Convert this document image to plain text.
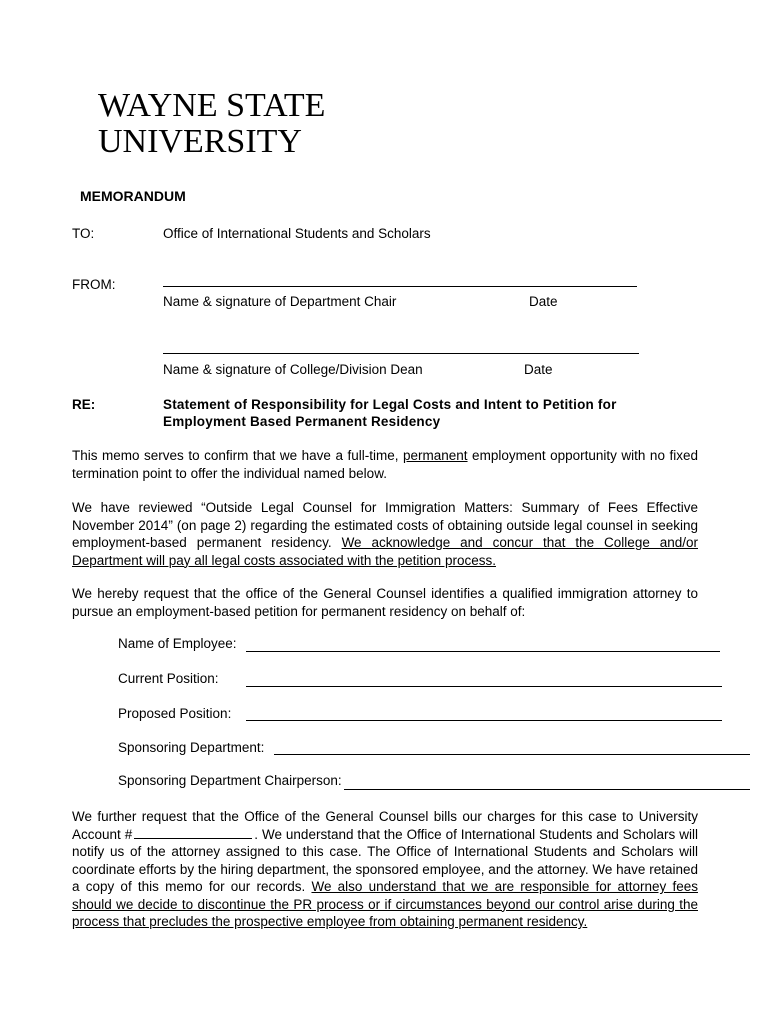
WAYNE STATE
UNIVERSITY
MEMORANDUM
TO:	Office of International Students and Scholars
FROM:
Name & signature of Department Chair	Date
Name & signature of College/Division Dean	Date
RE:	Statement of Responsibility for Legal Costs and Intent to Petition for
Employment Based Permanent Residency
This memo serves to confirm that we have a full-time, permanent employment opportunity with no fixed termination point to offer the individual named below.
We have reviewed “Outside Legal Counsel for Immigration Matters: Summary of Fees Effective November 2014” (on page 2) regarding the estimated costs of obtaining outside legal counsel in seeking employment-based permanent residency. We acknowledge and concur that the College and/or Department will pay all legal costs associated with the petition process.
We hereby request that the office of the General Counsel identifies a qualified immigration attorney to pursue an employment-based petition for permanent residency on behalf of:
Name of Employee:
Current Position:
Proposed Position:
Sponsoring Department:
Sponsoring Department Chairperson:
We further request that the Office of the General Counsel bills our charges for this case to University Account #	. We understand that the Office of International Students and Scholars will notify us of the attorney assigned to this case. The Office of International Students and Scholars will coordinate efforts by the hiring department, the sponsored employee, and the attorney. We have retained a copy of this memo for our records. We also understand that we are responsible for attorney fees should we decide to discontinue the PR process or if circumstances beyond our control arise during the process that precludes the prospective employee from obtaining permanent residency.
